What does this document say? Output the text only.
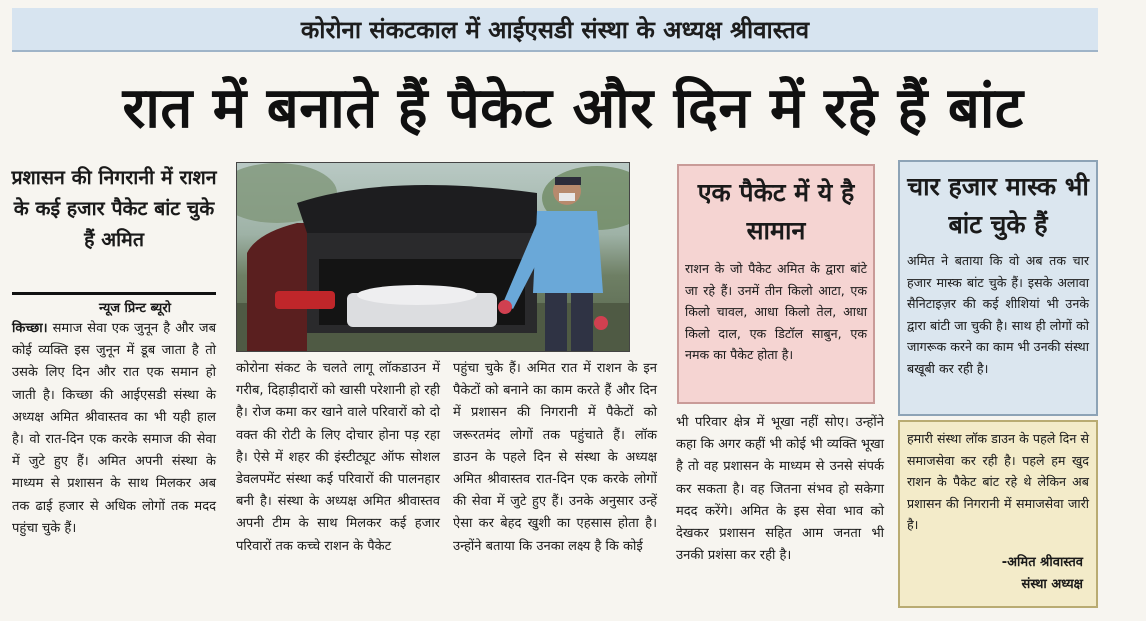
कोरोना संकटकाल में आईएसडी संस्था के अध्यक्ष श्रीवास्तव
रात में बनाते हैं पैकेट और दिन में रहे हैं बांट
प्रशासन की निगरानी में राशन के कई हजार पैकेट बांट चुके हैं अमित
न्यूज प्रिन्ट ब्यूरो
किच्छा। समाज सेवा एक जुनून है और जब कोई व्यक्ति इस जुनून में डूब जाता है तो उसके लिए दिन और रात एक समान हो जाती है। किच्छा की आईएसडी संस्था के अध्यक्ष अमित श्रीवास्तव का भी यही हाल है। वो रात-दिन एक करके समाज की सेवा में जुटे हुए हैं। अमित अपनी संस्था के माध्यम से प्रशासन के साथ मिलकर अब तक ढाई हजार से अधिक लोगों तक मदद पहुंचा चुके हैं।
कोरोना संकट के चलते लागू लॉकडाउन में गरीब, दिहाड़ीदारों को खासी परेशानी हो रही है। रोज कमा कर खाने वाले परिवारों को दो वक्त की रोटी के लिए दोचार होना पड़ रहा है। ऐसे में शहर की इंस्टीट्यूट ऑफ सोशल डेवलपमेंट संस्था कई परिवारों की पालनहार बनी है। संस्था के अध्यक्ष अमित श्रीवास्तव अपनी टीम के साथ मिलकर कई हजार परिवारों तक कच्चे राशन के पैकेट
पहुंचा चुके हैं। अमित रात में राशन के इन पैकेटों को बनाने का काम करते हैं और दिन में प्रशासन की निगरानी में पैकेटों को जरूरतमंद लोगों तक पहुंचाते हैं। लॉक डाउन के पहले दिन से संस्था के अध्यक्ष अमित श्रीवास्तव रात-दिन एक करके लोगों की सेवा में जुटे हुए हैं। उनके अनुसार उन्हें ऐसा कर बेहद खुशी का एहसास होता है। उन्होंने बताया कि उनका लक्ष्य है कि कोई
भी परिवार क्षेत्र में भूखा नहीं सोए। उन्होंने कहा कि अगर कहीं भी कोई भी व्यक्ति भूखा है तो वह प्रशासन के माध्यम से उनसे संपर्क कर सकता है। वह जितना संभव हो सकेगा मदद करेंगे। अमित के इस सेवा भाव को देखकर प्रशासन सहित आम जनता भी उनकी प्रशंसा कर रही है।
एक पैकेट में ये है सामान
राशन के जो पैकेट अमित के द्वारा बांटे जा रहे हैं। उनमें तीन किलो आटा, एक किलो चावल, आधा किलो तेल, आधा किलो दाल, एक डिटॉल साबुन, एक नमक का पैकेट होता है।
चार हजार मास्क भी बांट चुके हैं
अमित ने बताया कि वो अब तक चार हजार मास्क बांट चुके हैं। इसके अलावा सैनिटाइज़र की कई शीशियां भी उनके द्वारा बांटी जा चुकी है। साथ ही लोगों को जागरूक करने का काम भी उनकी संस्था बखूबी कर रही है।
हमारी संस्था लॉक डाउन के पहले दिन से समाजसेवा कर रही है। पहले हम खुद राशन के पैकेट बांट रहे थे लेकिन अब प्रशासन की निगरानी में समाजसेवा जारी है।
-अमित श्रीवास्तव
संस्था अध्यक्ष
